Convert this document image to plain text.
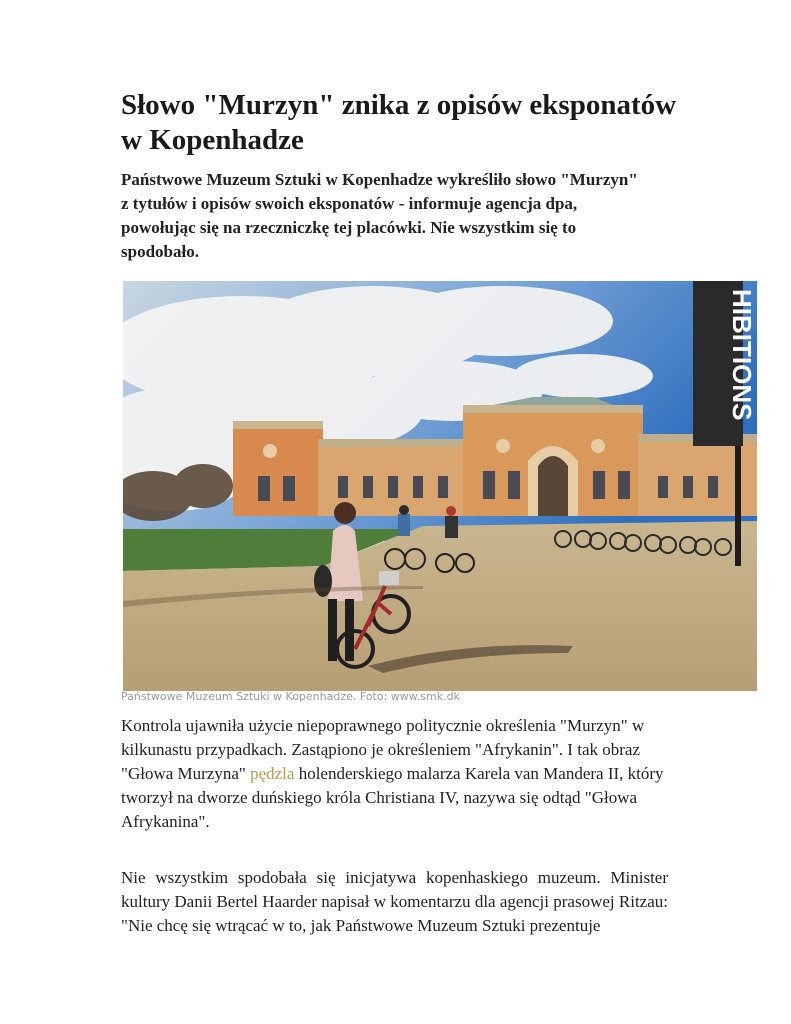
Słowo "Murzyn" znika z opisów eksponatów w Kopenhadze

Państwowe Muzeum Sztuki w Kopenhadze wykreśliło słowo "Murzyn" z tytułów i opisów swoich eksponatów - informuje agencja dpa, powołując się na rzeczniczkę tej placówki. Nie wszystkim się to spodobało.

HIBITIONS
Państwowe Muzeum Sztuki w Kopenhadze. Foto: www.smk.dk

Kontrola ujawniła użycie niepoprawnego politycznie określenia "Murzyn" w kilkunastu przypadkach. Zastąpiono je określeniem "Afrykanin". I tak obraz "Głowa Murzyna" pędzla holenderskiego malarza Karela van Mandera II, który tworzył na dworze duńskiego króla Christiana IV, nazywa się odtąd "Głowa Afrykanina".

Nie wszystkim spodobała się inicjatywa kopenhaskiego muzeum. Minister kultury Danii Bertel Haarder napisał w komentarzu dla agencji prasowej Ritzau: "Nie chcę się wtrącać w to, jak Państwowe Muzeum Sztuki prezentuje
